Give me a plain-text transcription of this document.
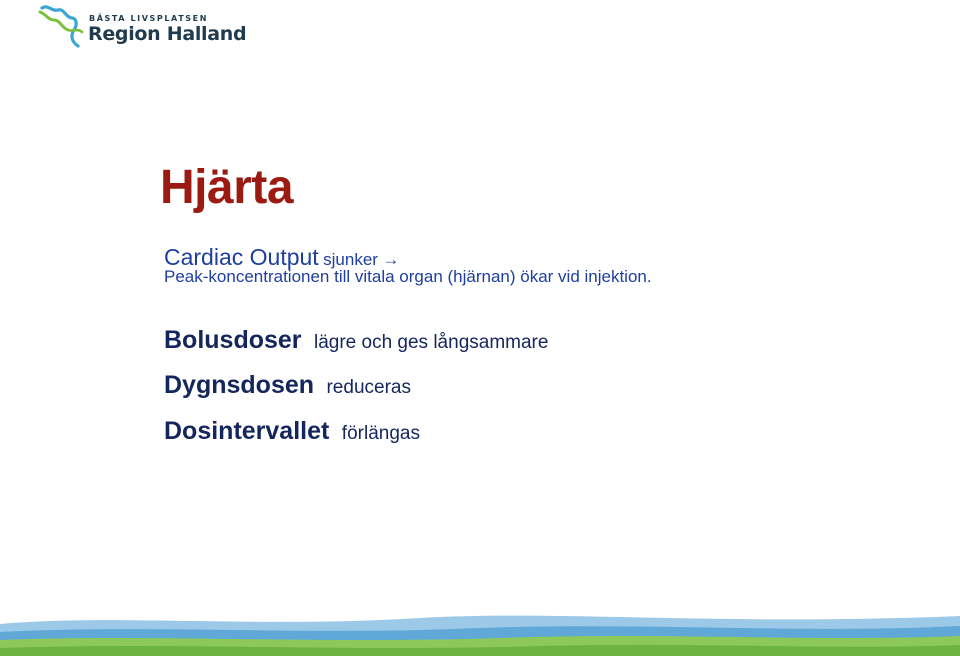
BÄSTA LIVSPLATSEN
Region Halland
Hjärta
Cardiac Output sjunker →
Peak-koncentrationen till vitala organ (hjärnan) ökar vid injektion.
Bolusdoser lägre och ges långsammare
Dygnsdosen reduceras
Dosintervallet förlängas
